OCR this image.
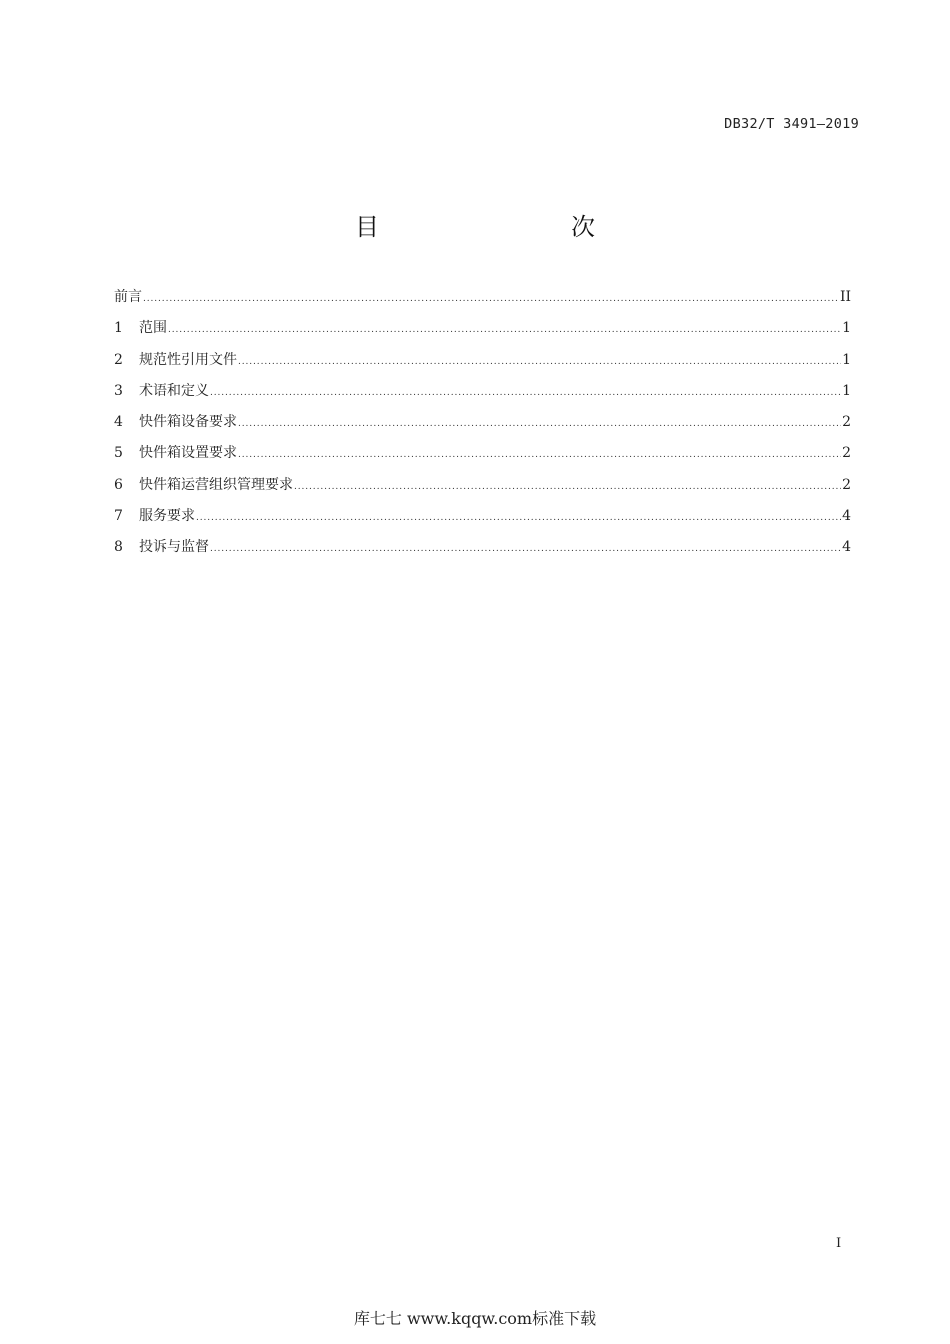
DB32/T 3491—2019
目　　次
前言 .....	II
1	范围 .....	1
2	规范性引用文件 .....	1
3	术语和定义 .....	1
4	快件箱设备要求 .....	2
5	快件箱设置要求 .....	2
6	快件箱运营组织管理要求 .....	2
7	服务要求 .....	4
8	投诉与监督 .....	4
I
库七七 www.kqqw.com标准下载
